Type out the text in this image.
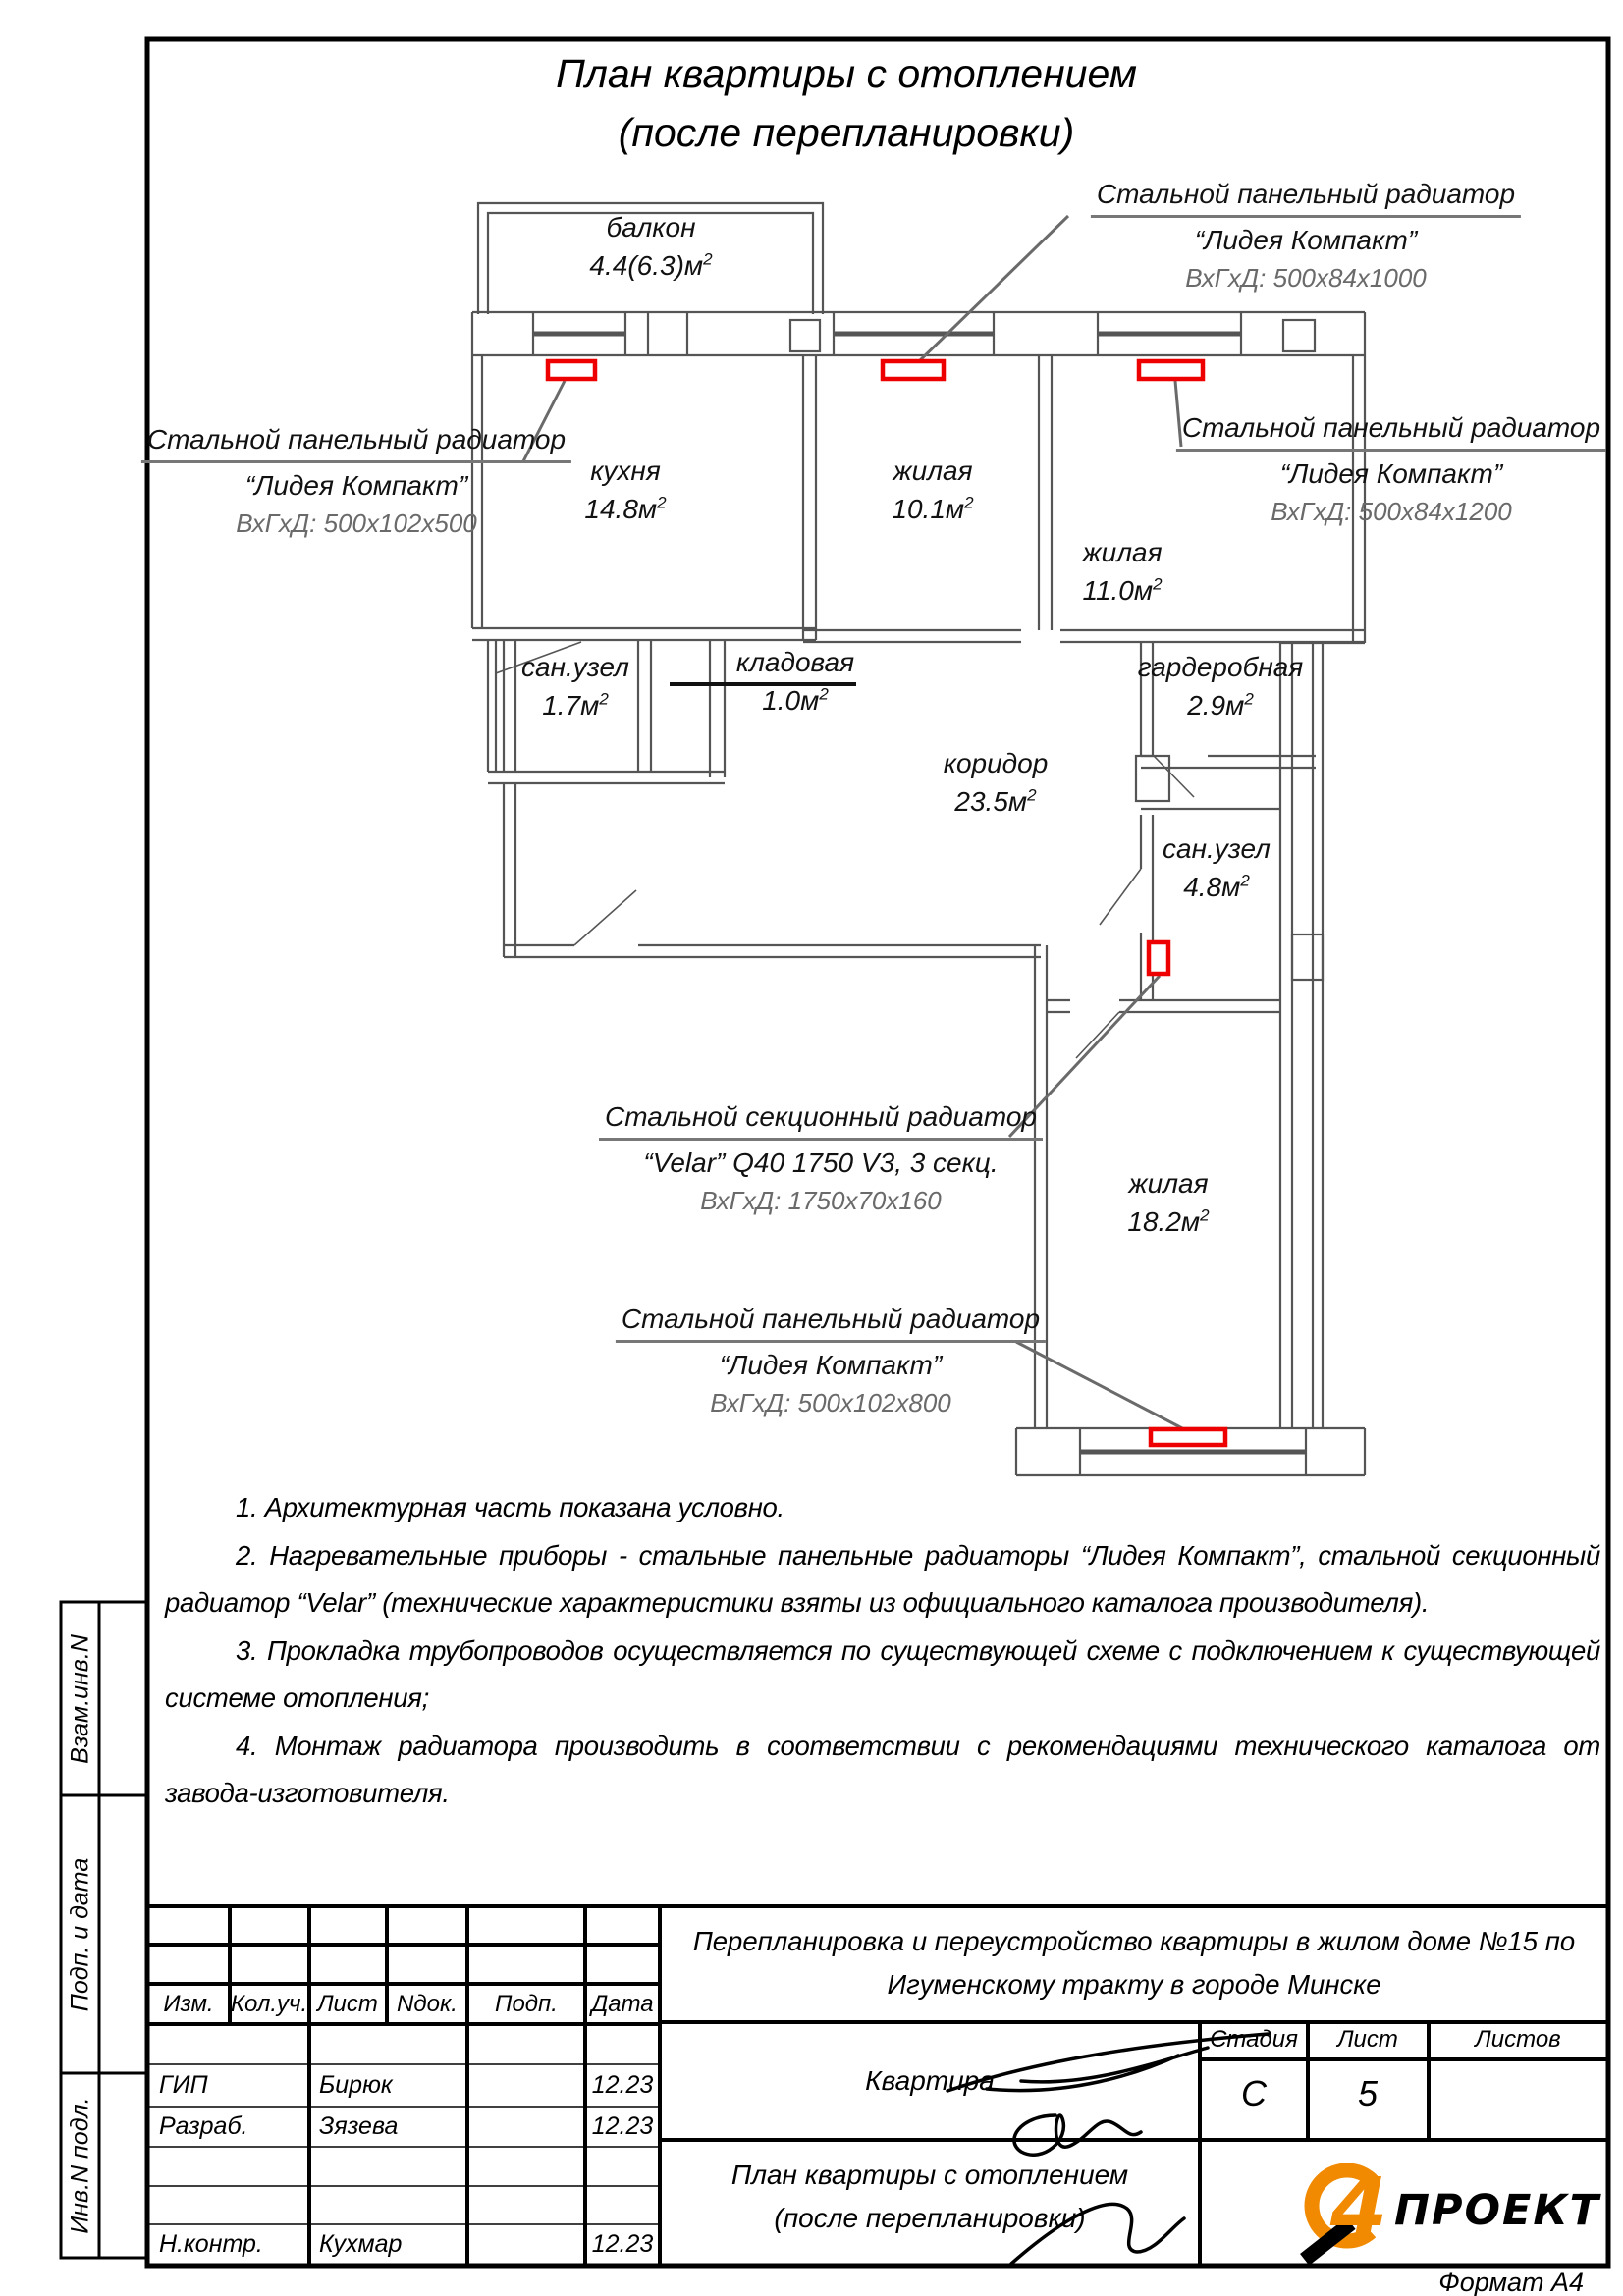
4 ПРОЕКТ
План квартиры с отоплением
(после перепланировки)
балкон
$4.4(6.3)м^2$
кухня
$14.8м^2$
жилая
$10.1м^2$
жилая
$11.0м^2$
сан.узел
$1.7м^2$
кладовая
$1.0м^2$
гардеробная
$2.9м^2$
коридор
$23.5м^2$
сан.узел
$4.8м^2$
жилая
$18.2м^2$
Стальной панельный радиатор
“Лидея Компакт”
ВхГхД: 500х102х500
Стальной панельный радиатор
“Лидея Компакт”
ВхГхД: 500х84х1000
Стальной панельный радиатор
“Лидея Компакт”
ВхГхД: 500х84х1200
Стальной секционный радиатор
“Velar” Q40 1750 V3, 3 секц.
ВхГхД: 1750х70х160
Стальной панельный радиатор
“Лидея Компакт”
ВхГхД: 500х102х800

1. Архитектурная часть показана условно.

2. Нагревательные приборы - стальные панельные радиаторы “Лидея Компакт”, стальной секционный радиатор “Velar” (технические характеристики взяты из официального каталога производителя).

3. Прокладка трубопроводов осуществляется по существующей схеме с подключением к существующей системе отопления;

4. Монтаж радиатора производить в соответствии с рекомендациями технического каталога от завода-изготовителя.

Изм. Кол.уч. Лист Nдок. Подп. Дата
ГИП	Бирюк	12.23
Разраб.	Зязева	12.23
Н.контр. Кухмар	12.23
Перепланировка и переустройство квартиры в жилом доме №15 по Игуменскому тракту в городе Минске
Квартира
Стадия Лист	Листов
С	5
План квартиры с отоплением
(после перепланировки)
Взам.инв.N
Подп. и дата
Инв.N подл.
Формат А4
